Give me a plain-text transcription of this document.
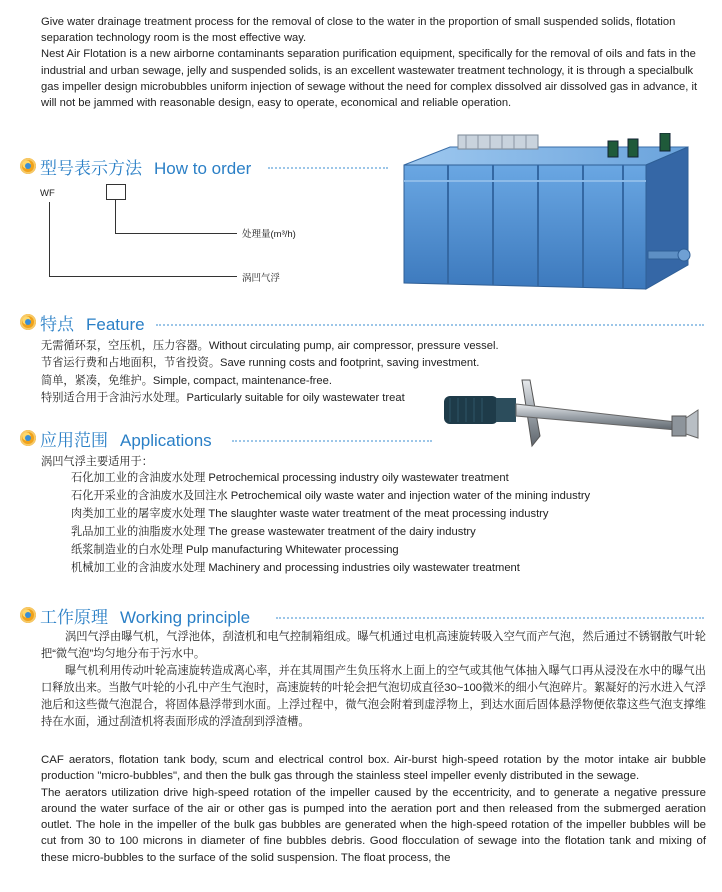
Give water drainage treatment process for the removal of close to the water in the proportion of small suspended solids, flotation separation technology room is the most effective way.

Nest Air Flotation is a new airborne contaminants separation purification equipment, specifically for the removal of oils and fats in the industrial and urban sewage, jelly and suspended solids, is an excellent wastewater treatment technology, it is through a specialbulk gas impeller design microbubbles uniform injection of sewage without the need for complex dissolved air dissolved gas in advance, it will not be jammed with reasonable design, easy to operate, economical and reliable operation.

型号表示方法 How to order
WF
处理量(m³/h)
涡凹气浮
特点 Feature
无需循环泵，空压机，压力容器。Without circulating pump, air compressor, pressure vessel.
节省运行费和占地面积，节省投资。Save running costs and footprint, saving investment.
简单，紧凑，免维护。Simple, compact, maintenance-free.
特别适合用于含油污水处理。Particularly suitable for oily wastewater treat
应用范围 Applications
涡凹气浮主要适用于：
石化加工业的含油废水处理 Petrochemical processing industry oily wastewater treatment
石化开采业的含油废水及回注水 Petrochemical oily waste water and injection water of the mining industry
肉类加工业的屠宰废水处理 The slaughter waste water treatment of the meat processing industry
乳品加工业的油脂废水处理 The grease wastewater treatment of the dairy industry
纸浆制造业的白水处理 Pulp manufacturing Whitewater processing
机械加工业的含油废水处理 Machinery and processing industries oily wastewater treatment
工作原理 Working principle

涡凹气浮由曝气机，气浮池体，刮渣机和电气控制箱组成。曝气机通过电机高速旋转吸入空气而产气泡，然后通过不锈钢散气叶轮把“微气泡”均匀地分布于污水中。

曝气机利用传动叶轮高速旋转造成离心率，并在其周围产生负压将水上面上的空气或其他气体抽入曝气口再从浸没在水中的曝气出口释放出来。当散气叶轮的小孔中产生气泡时，高速旋转的叶轮会把气泡切成直径30~100微米的细小气泡碎片。絮凝好的污水进入气浮池后和这些微气泡混合，将固体悬浮带到水面。上浮过程中，微气泡会附着到虚浮物上，到达水面后固体悬浮物便依靠这些气泡支撑维持在水面，通过刮渣机将表面形成的浮渣刮到浮渣槽。

CAF aerators, flotation tank body, scum and electrical control box. Air-burst high-speed rotation by the motor intake air bubble production "micro-bubbles", and then the bulk gas through the stainless steel impeller evenly distributed in the sewage.

The aerators utilization drive high-speed rotation of the impeller caused by the eccentricity, and to generate a negative pressure around the water surface of the air or other gas is pumped into the aeration port and then released from the submerged aeration outlet. The hole in the impeller of the bulk gas bubbles are generated when the high-speed rotation of the impeller bubbles will be cut from 30 to 100 microns in diameter of fine bubbles debris. Good flocculation of sewage into the flotation tank and mixing of these micro-bubbles to the surface of the solid suspension. The float process, the
